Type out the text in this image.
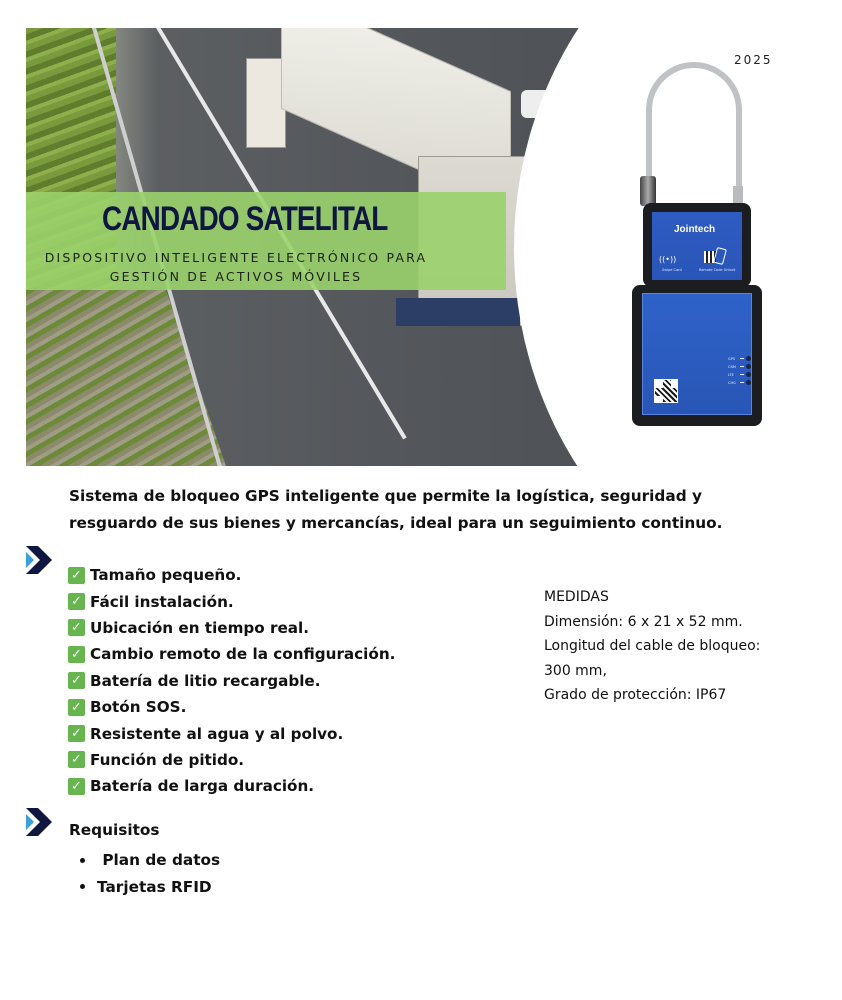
CANDADO SATELITAL
DISPOSITIVO INTELIGENTE ELECTRÓNICO PARA
GESTIÓN DE ACTIVOS MÓVILES
2025
Jointech
((•))
Swipe Card	Remote Code Unlock
GPS
GSM
LTE
CHG

Sistema de bloqueo GPS inteligente que permite la logística, seguridad y resguardo de sus bienes y mercancías, ideal para un seguimiento continuo.

✓ Tamaño pequeño.
✓ Fácil instalación.
✓ Ubicación en tiempo real.
✓ Cambio remoto de la configuración.
✓ Batería de litio recargable.
✓ Botón SOS.
✓ Resistente al agua y al polvo.
✓ Función de pitido.
✓ Batería de larga duración.
MEDIDAS
Dimensión: 6 x 21 x 52 mm.
Longitud del cable de bloqueo:
300 mm,
Grado de protección: IP67
Requisitos
Plan de datos
Tarjetas RFID
